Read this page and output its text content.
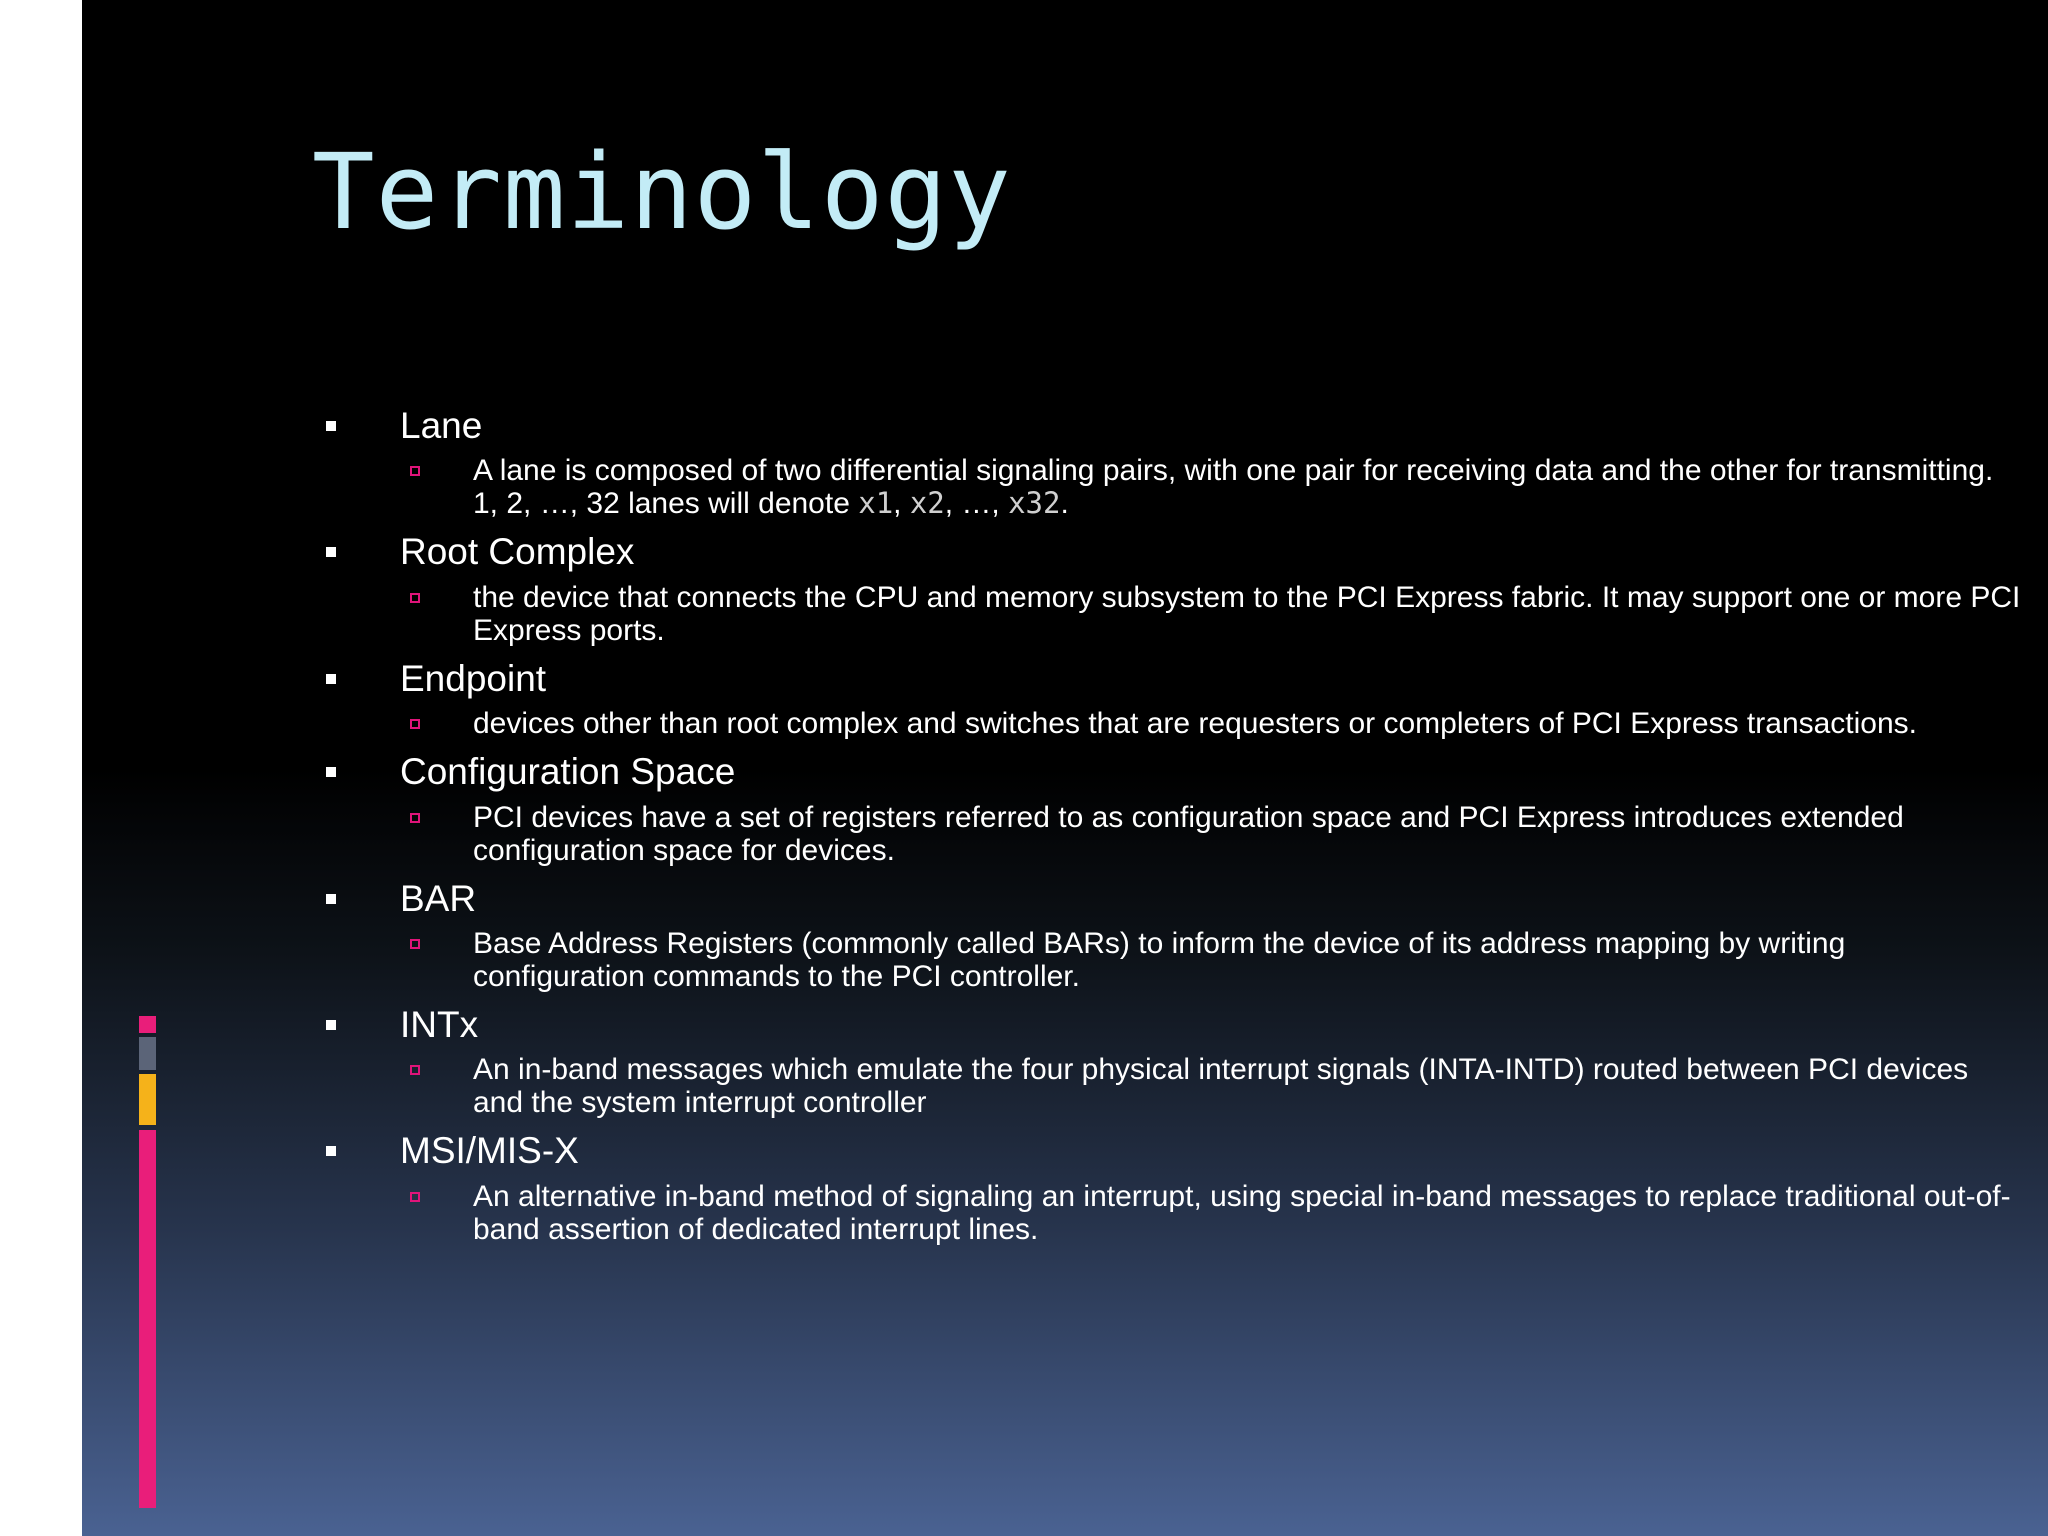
Terminology
Lane
A lane is composed of two differential signaling pairs, with one pair for receiving data and the other for transmitting. 1, 2, …, 32 lanes will denote x1, x2, …, x32.
Root Complex
the device that connects the CPU and memory subsystem to the PCI Express fabric. It may support one or more PCI Express ports.
Endpoint
devices other than root complex and switches that are requesters or completers of PCI Express transactions.
Configuration Space
PCI devices have a set of registers referred to as configuration space and PCI Express introduces extended configuration space for devices.
BAR
Base Address Registers (commonly called BARs) to inform the device of its address mapping by writing configuration commands to the PCI controller.
INTx
An in-band messages which emulate the four physical interrupt signals (INTA-INTD) routed between PCI devices and the system interrupt controller
MSI/MIS-X
An alternative in-band method of signaling an interrupt, using special in-band messages to replace traditional out-of-band assertion of dedicated interrupt lines.
